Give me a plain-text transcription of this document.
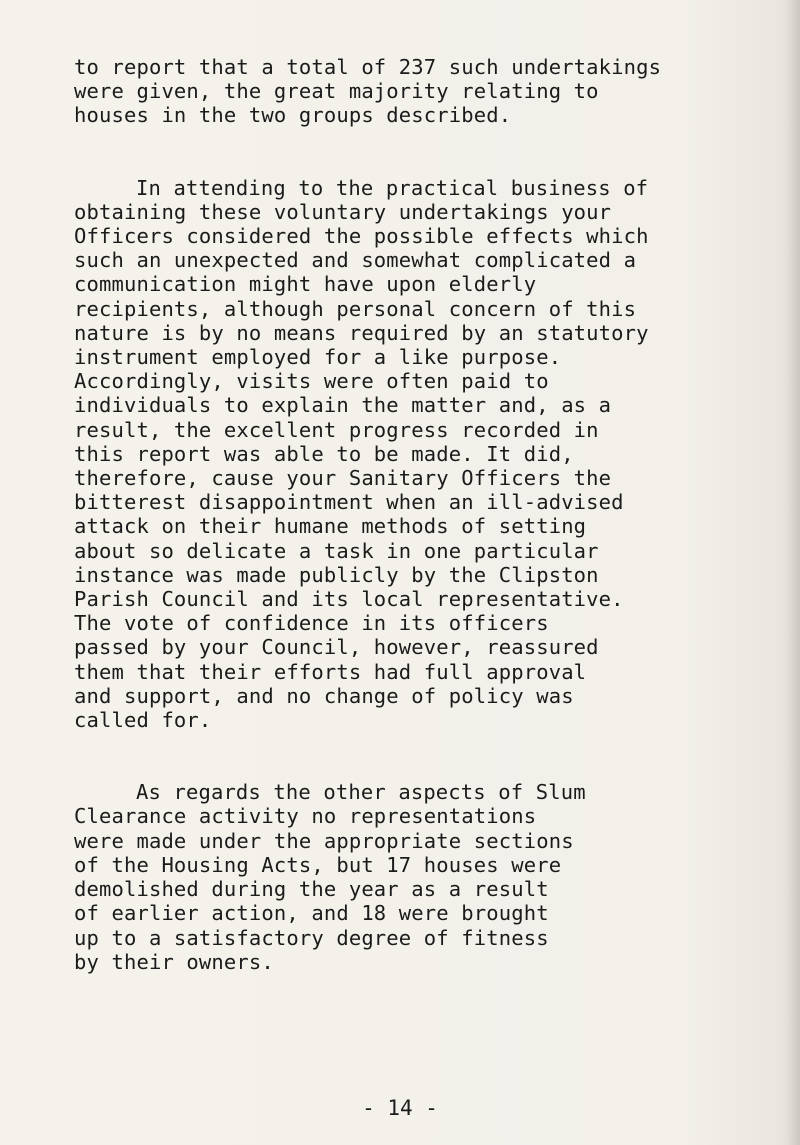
to report that a total of 237 such undertakings
were given, the great majority relating to
houses in the two groups described.
In attending to the practical business of
obtaining these voluntary undertakings your
Officers considered the possible effects which
such an unexpected and somewhat complicated a
communication might have upon elderly
recipients, although personal concern of this
nature is by no means required by an statutory
instrument employed for a like purpose.
Accordingly, visits were often paid to
individuals to explain the matter and, as a
result, the excellent progress recorded in
this report was able to be made. It did,
therefore, cause your Sanitary Officers the
bitterest disappointment when an ill-advised
attack on their humane methods of setting
about so delicate a task in one particular
instance was made publicly by the Clipston
Parish Council and its local representative.
The vote of confidence in its officers
passed by your Council, however, reassured
them that their efforts had full approval
and support, and no change of policy was
called for.
As regards the other aspects of Slum
Clearance activity no representations
were made under the appropriate sections
of the Housing Acts, but 17 houses were
demolished during the year as a result
of earlier action, and 18 were brought
up to a satisfactory degree of fitness
by their owners.
- 14 -
